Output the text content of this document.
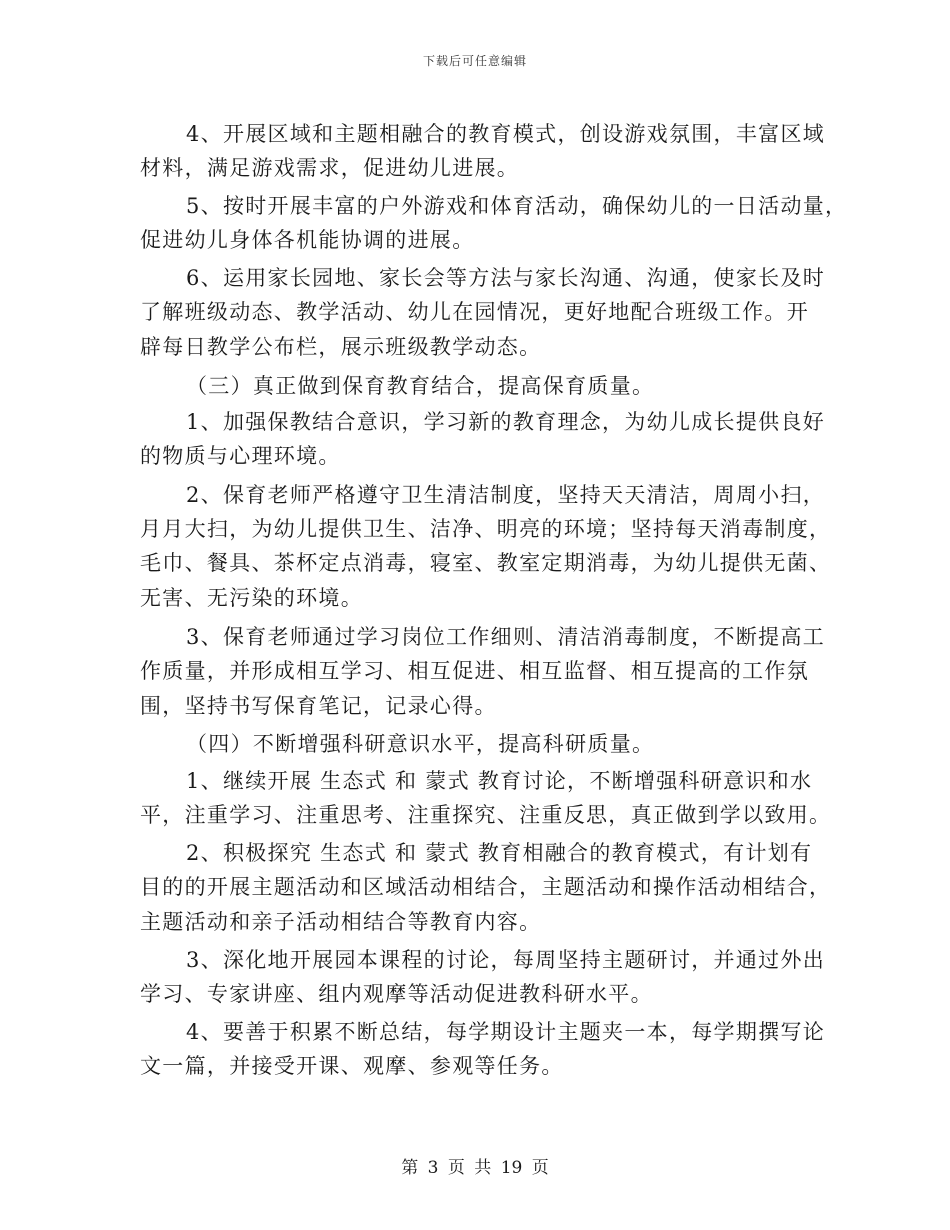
下载后可任意编辑
4、开展区域和主题相融合的教育模式，创设游戏氛围，丰富区域
材料，满足游戏需求，促进幼儿进展。
5、按时开展丰富的户外游戏和体育活动，确保幼儿的一日活动量，
促进幼儿身体各机能协调的进展。
6、运用家长园地、家长会等方法与家长沟通、沟通，使家长及时
了解班级动态、教学活动、幼儿在园情况，更好地配合班级工作。开
辟每日教学公布栏，展示班级教学动态。
（三）真正做到保育教育结合，提高保育质量。
1、加强保教结合意识，学习新的教育理念，为幼儿成长提供良好
的物质与心理环境。
2、保育老师严格遵守卫生清洁制度，坚持天天清洁，周周小扫，
月月大扫，为幼儿提供卫生、洁净、明亮的环境；坚持每天消毒制度，
毛巾、餐具、茶杯定点消毒，寝室、教室定期消毒，为幼儿提供无菌、
无害、无污染的环境。
3、保育老师通过学习岗位工作细则、清洁消毒制度，不断提高工
作质量，并形成相互学习、相互促进、相互监督、相互提高的工作氛
围，坚持书写保育笔记，记录心得。
（四）不断增强科研意识水平，提高科研质量。
1、继续开展 生态式 和 蒙式 教育讨论，不断增强科研意识和水
平，注重学习、注重思考、注重探究、注重反思，真正做到学以致用。
2、积极探究 生态式 和 蒙式 教育相融合的教育模式，有计划有
目的的开展主题活动和区域活动相结合，主题活动和操作活动相结合，
主题活动和亲子活动相结合等教育内容。
3、深化地开展园本课程的讨论，每周坚持主题研讨，并通过外出
学习、专家讲座、组内观摩等活动促进教科研水平。
4、要善于积累不断总结，每学期设计主题夹一本，每学期撰写论
文一篇，并接受开课、观摩、参观等任务。
第 3 页 共 19 页
